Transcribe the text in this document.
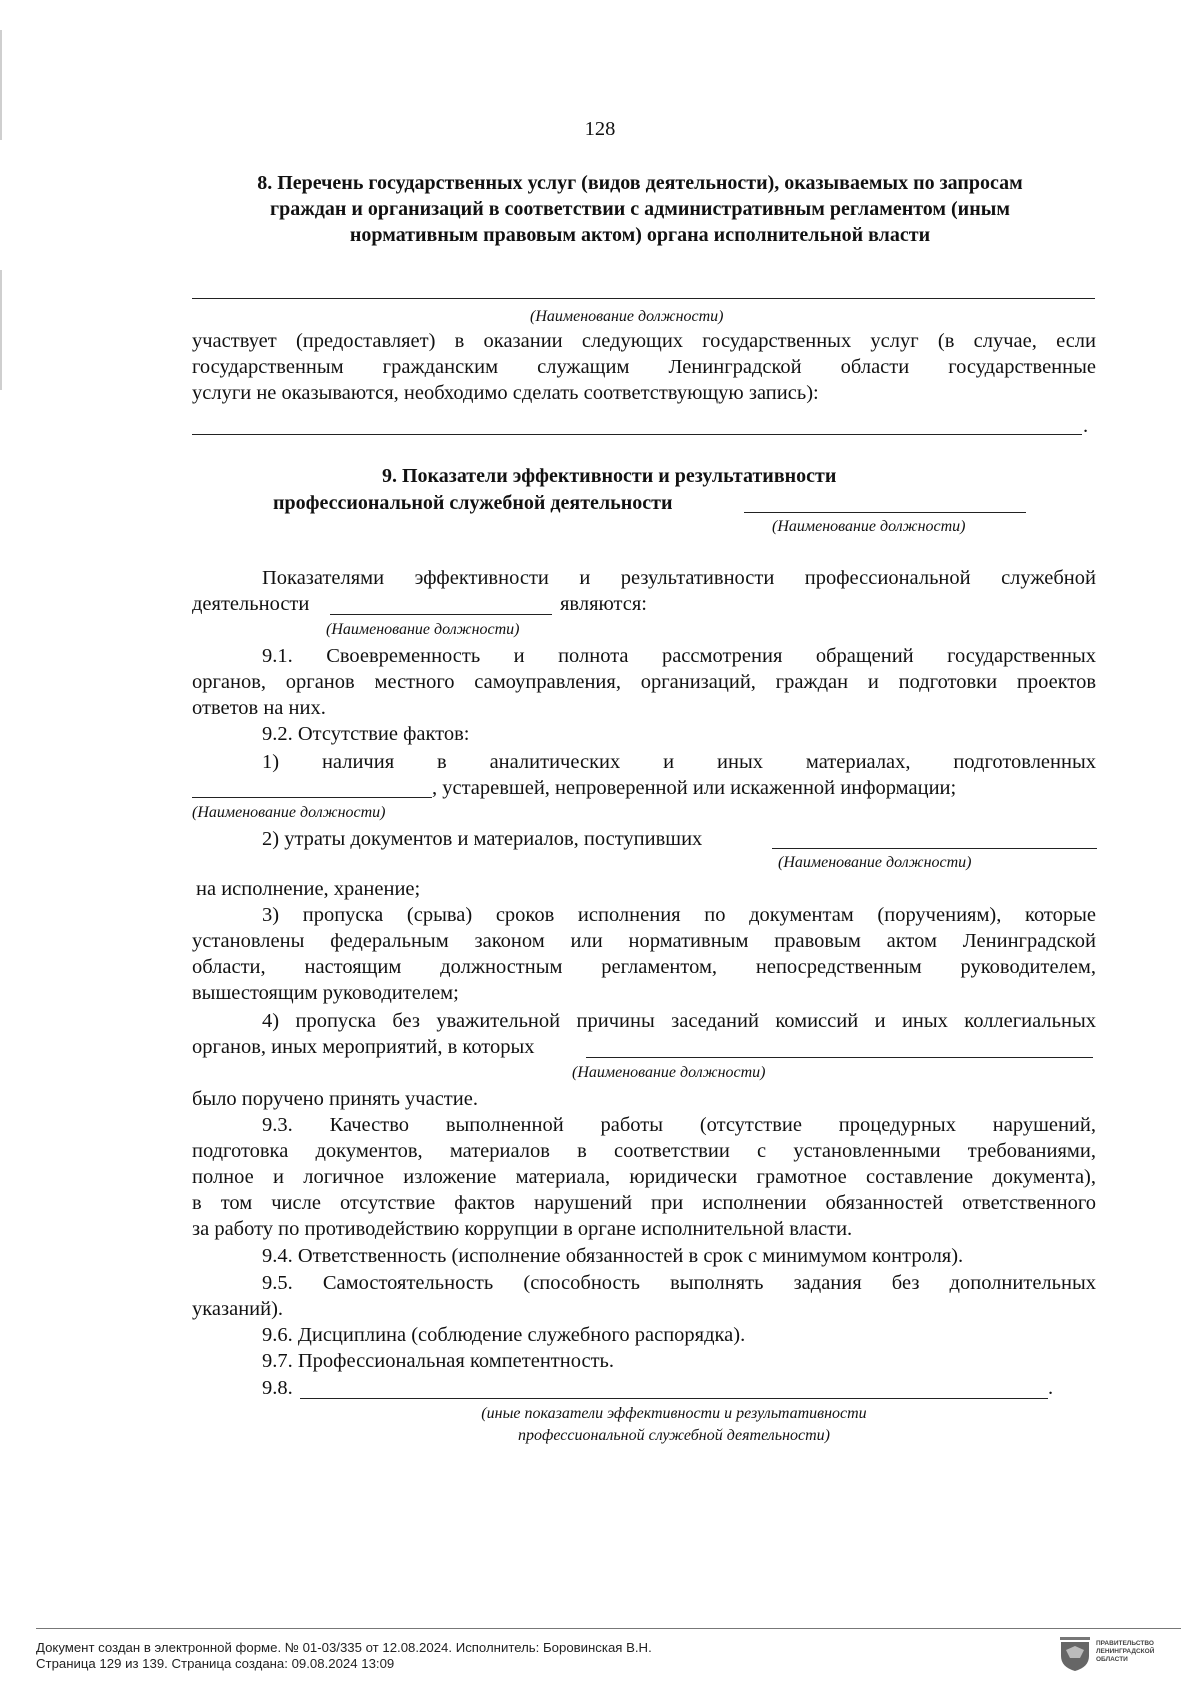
128
8. Перечень государственных услуг (видов деятельности), оказываемых по запросам
граждан и организаций в соответствии с административным регламентом (иным
нормативным правовым актом) органа исполнительной власти
(Наименование должности)
участвует (предоставляет) в оказании следующих государственных услуг (в случае, если
государственным гражданским служащим Ленинградской области государственные
услуги не оказываются, необходимо сделать соответствующую запись):
.
9. Показатели эффективности и результативности
профессиональной служебной деятельности
(Наименование должности)
Показателями эффективности и результативности профессиональной служебной
деятельности	являются:
(Наименование должности)
9.1. Своевременность и полнота рассмотрения обращений государственных
органов, органов местного самоуправления, организаций, граждан и подготовки проектов
ответов на них.
9.2. Отсутствие фактов:
1) наличия в аналитических и иных материалах, подготовленных
, устаревшей, непроверенной или искаженной информации;
(Наименование должности)
2) утраты документов и материалов, поступивших
(Наименование должности)
на исполнение, хранение;
3) пропуска (срыва) сроков исполнения по документам (поручениям), которые
установлены федеральным законом или нормативным правовым актом Ленинградской
области, настоящим должностным регламентом, непосредственным руководителем,
вышестоящим руководителем;
4) пропуска без уважительной причины заседаний комиссий и иных коллегиальных
органов, иных мероприятий, в которых
(Наименование должности)
было поручено принять участие.
9.3. Качество выполненной работы (отсутствие процедурных нарушений,
подготовка документов, материалов в соответствии с установленными требованиями,
полное и логичное изложение материала, юридически грамотное составление документа),
в том числе отсутствие фактов нарушений при исполнении обязанностей ответственного
за работу по противодействию коррупции в органе исполнительной власти.
9.4. Ответственность (исполнение обязанностей в срок с минимумом контроля).
9.5. Самостоятельность (способность выполнять задания без дополнительных
указаний).
9.6. Дисциплина (соблюдение служебного распорядка).
9.7. Профессиональная компетентность.
9.8.	.
(иные показатели эффективности и результативности
профессиональной служебной деятельности)
Документ создан в электронной форме. № 01-03/335 от 12.08.2024. Исполнитель: Боровинская В.Н.
Страница 129 из 139. Страница создана: 09.08.2024 13:09
ПРАВИТЕЛЬСТВО
ЛЕНИНГРАДСКОЙ
ОБЛАСТИ
